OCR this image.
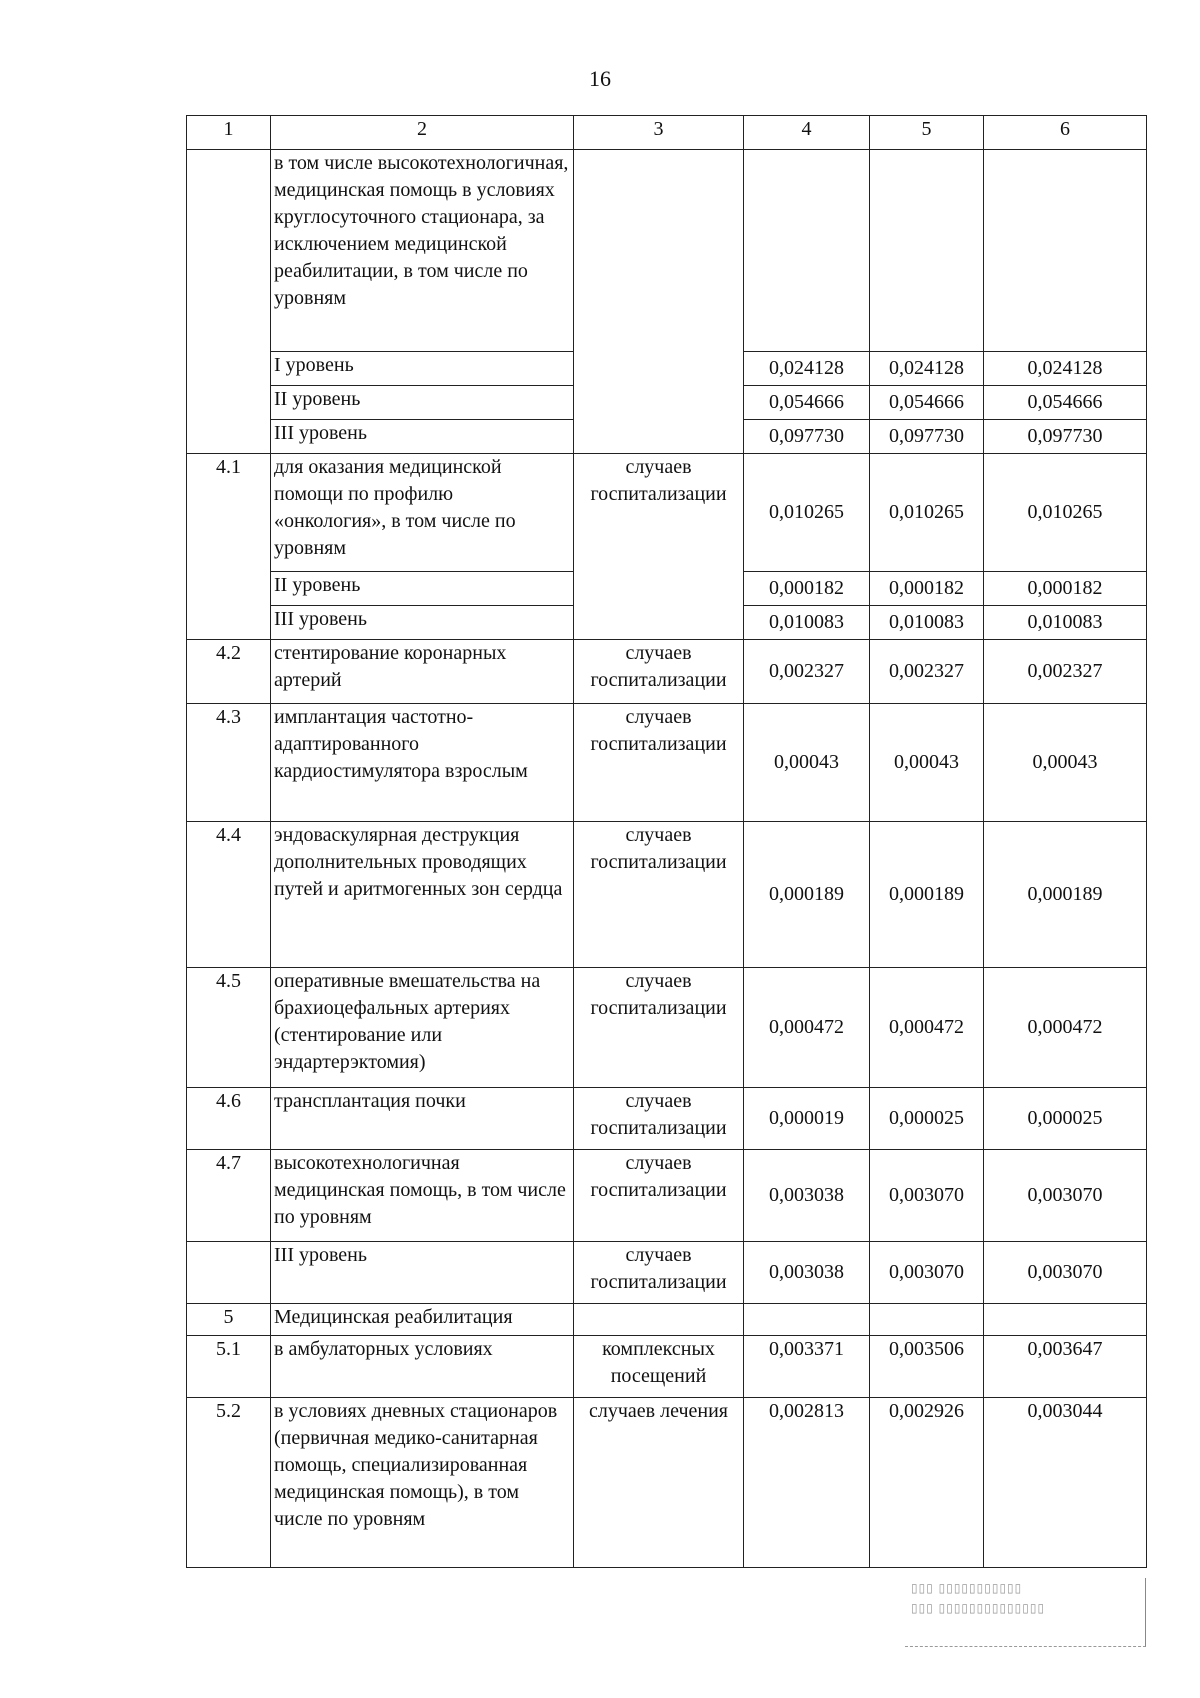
16
1	2	3	4	5	6
	в том числе высокотехнологичная, медицинская помощь в условиях круглосуточного стационара, за исключением медицинской реабилитации, в том числе по уровням				
	I уровень		0,024128	0,024128	0,024128
	II уровень		0,054666	0,054666	0,054666
	III уровень		0,097730	0,097730	0,097730
4.1	для оказания медицинской помощи по профилю «онкология», в том числе по уровням	случаев госпитализации	0,010265	0,010265	0,010265
	II уровень		0,000182	0,000182	0,000182
	III уровень		0,010083	0,010083	0,010083
4.2	стентирование коронарных артерий	случаев госпитализации	0,002327	0,002327	0,002327
4.3	имплантация частотно-адаптированного кардиостимулятора взрослым	случаев госпитализации	0,00043	0,00043	0,00043
4.4	эндоваскулярная деструкция дополнительных проводящих путей и аритмогенных зон сердца	случаев госпитализации	0,000189	0,000189	0,000189
4.5	оперативные вмешательства на брахиоцефальных артериях (стентирование или эндартерэктомия)	случаев госпитализации	0,000472	0,000472	0,000472
4.6	трансплантация почки	случаев госпитализации	0,000019	0,000025	0,000025
4.7	высокотехнологичная медицинская помощь, в том числе по уровням	случаев госпитализации	0,003038	0,003070	0,003070
	III уровень	случаев госпитализации	0,003038	0,003070	0,003070
5	Медицинская реабилитация				
5.1	в амбулаторных условиях	комплексных посещений	0,003371	0,003506	0,003647
5.2	в условиях дневных стационаров (первичная медико-санитарная помощь, специализированная медицинская помощь), в том числе по уровням	случаев лечения	0,002813	0,002926	0,003044
▯▯▯ ▯▯▯▯▯▯▯▯▯▯▯
▯▯▯ ▯▯▯▯▯▯▯▯▯▯▯▯▯▯
